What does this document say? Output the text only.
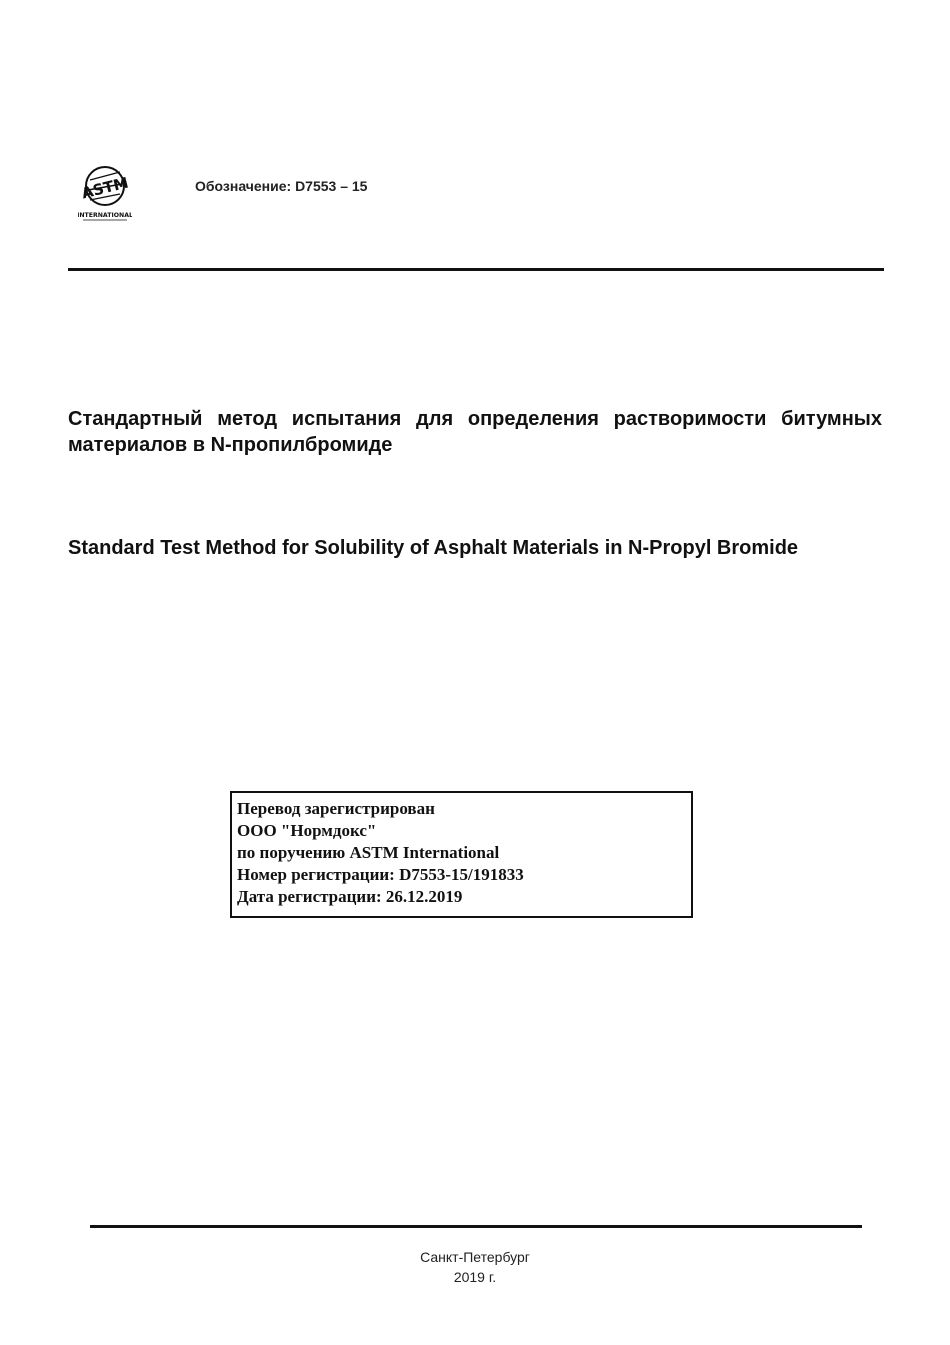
ASTM
INTERNATIONAL
Обозначение: D7553 – 15
Стандартный метод испытания для определения растворимости битумных материалов в N-пропилбромиде
Standard Test Method for Solubility of Asphalt Materials in N-Propyl Bromide
Перевод зарегистрирован
ООО "Нормдокс"
по поручению ASTM International
Номер регистрации: D7553-15/191833
Дата регистрации: 26.12.2019
Санкт-Петербург
2019 г.
